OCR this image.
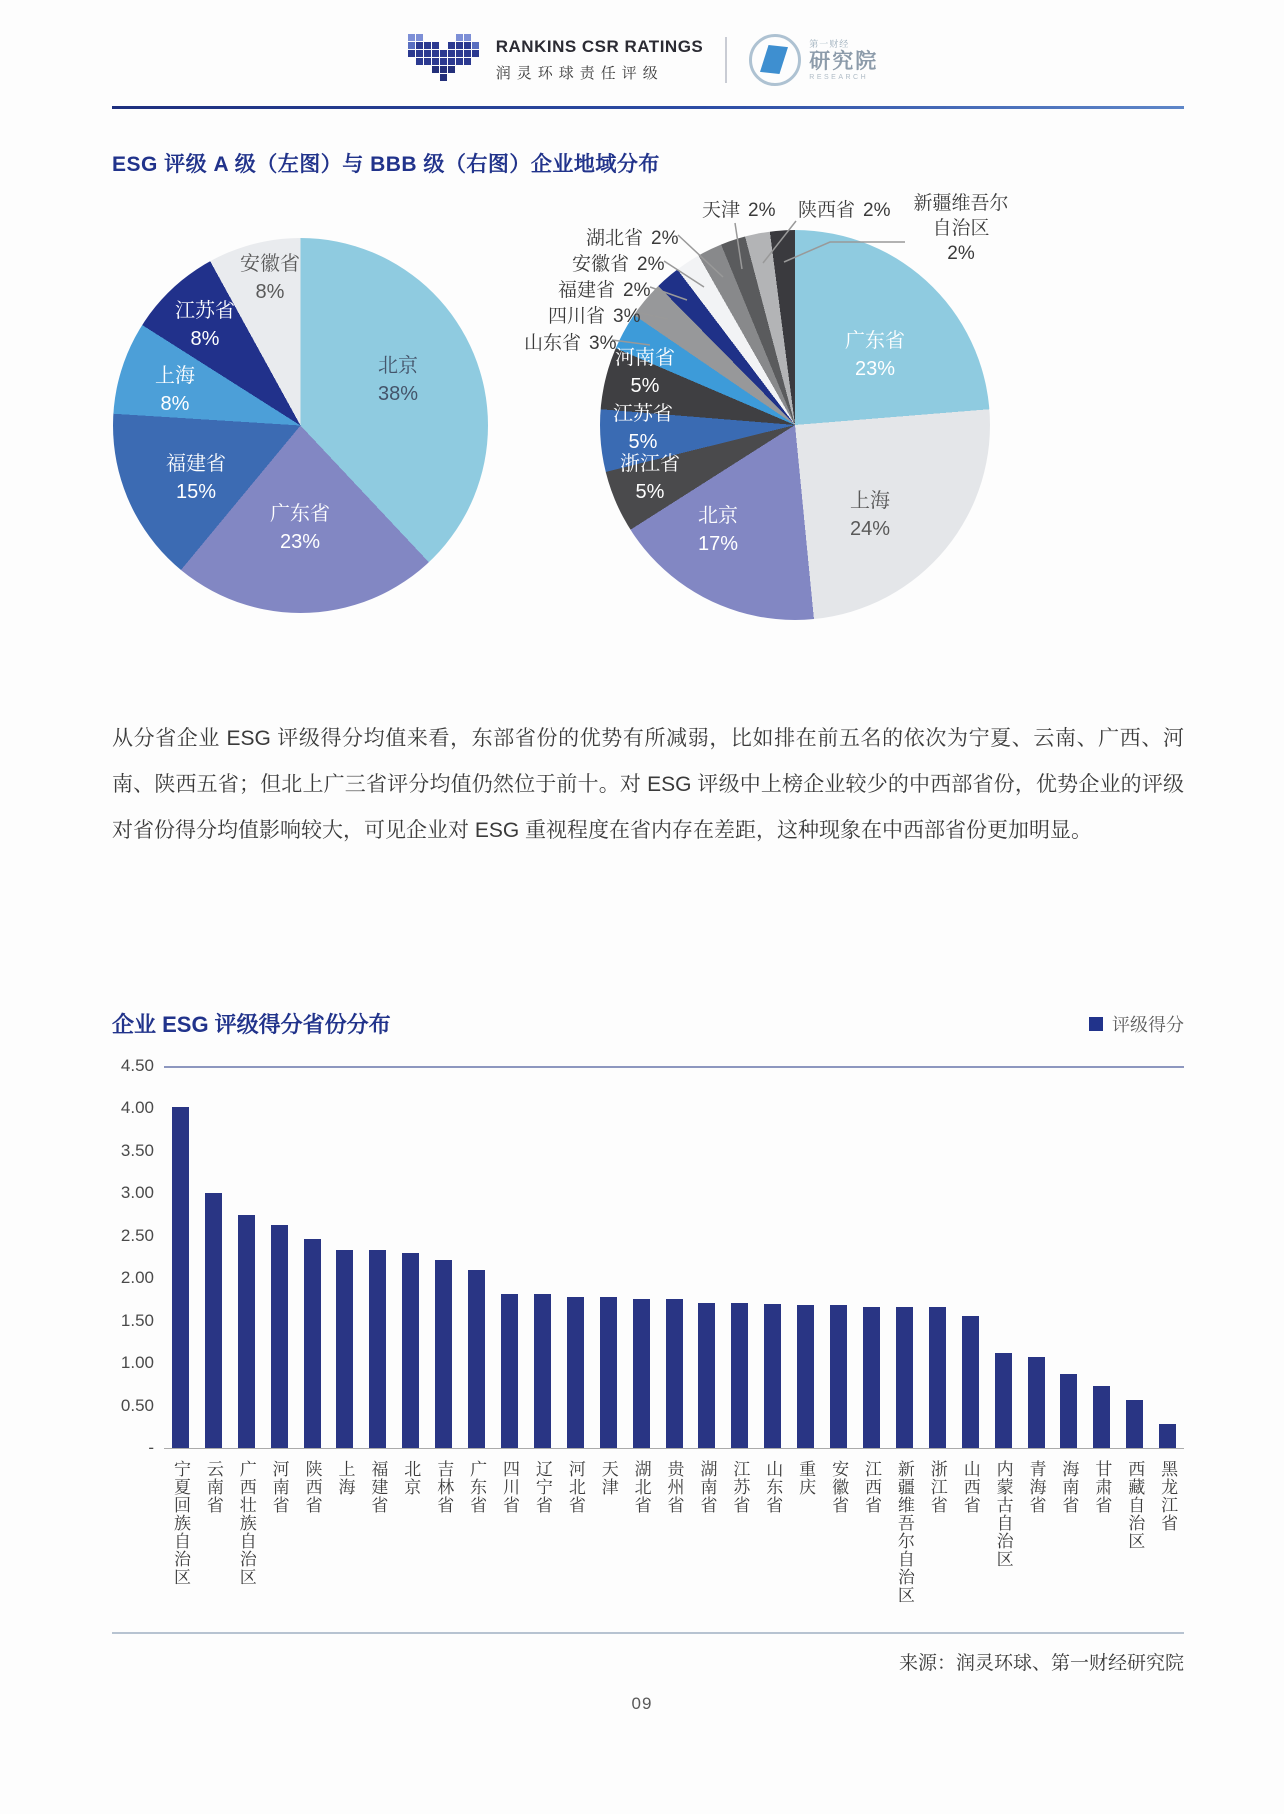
RANKINS CSR RATINGS
润灵环球责任评级
第一财经
研究院
RESEARCH
ESG 评级 A 级（左图）与 BBB 级（右图）企业地域分布
北京
38%
广东省
23%
福建省
15%
上海
8%
江苏省
8%
安徽省
8%
广东省
23%
上海
24%
北京
17%
浙江省
5%
江苏省
5%
河南省
5%
山东省 3%
四川省 3%
福建省 2%
安徽省 2%
湖北省 2%
天津 2% 陕西省 2%	新疆维吾尔自治区
2%

从分省企业 ESG 评级得分均值来看，东部省份的优势有所减弱，比如排在前五名的依次为宁夏、云南、广西、河南、陕西五省；但北上广三省评分均值仍然位于前十。对 ESG 评级中上榜企业较少的中西部省份，优势企业的评级对省份得分均值影响较大，可见企业对 ESG 重视程度在省内存在差距，这种现象在中西部省份更加明显。

企业 ESG 评级得分省份分布	评级得分
4.50
4.00
3.50
3.00
2.50
2.00
1.50
1.00
0.50
-
宁夏回族自治区 云南省 广西壮族自治区 河南省 陕西省 上海 福建省 北京 吉林省 广东省 四川省 辽宁省 河北省 天津 湖北省 贵州省 湖南省 江苏省 山东省 重庆 安徽省 江西省 新疆维吾尔自治区 浙江省 山西省 内蒙古自治区 青海省 海南省 甘肃省 西藏自治区 黑龙江省
来源：润灵环球、第一财经研究院
09
